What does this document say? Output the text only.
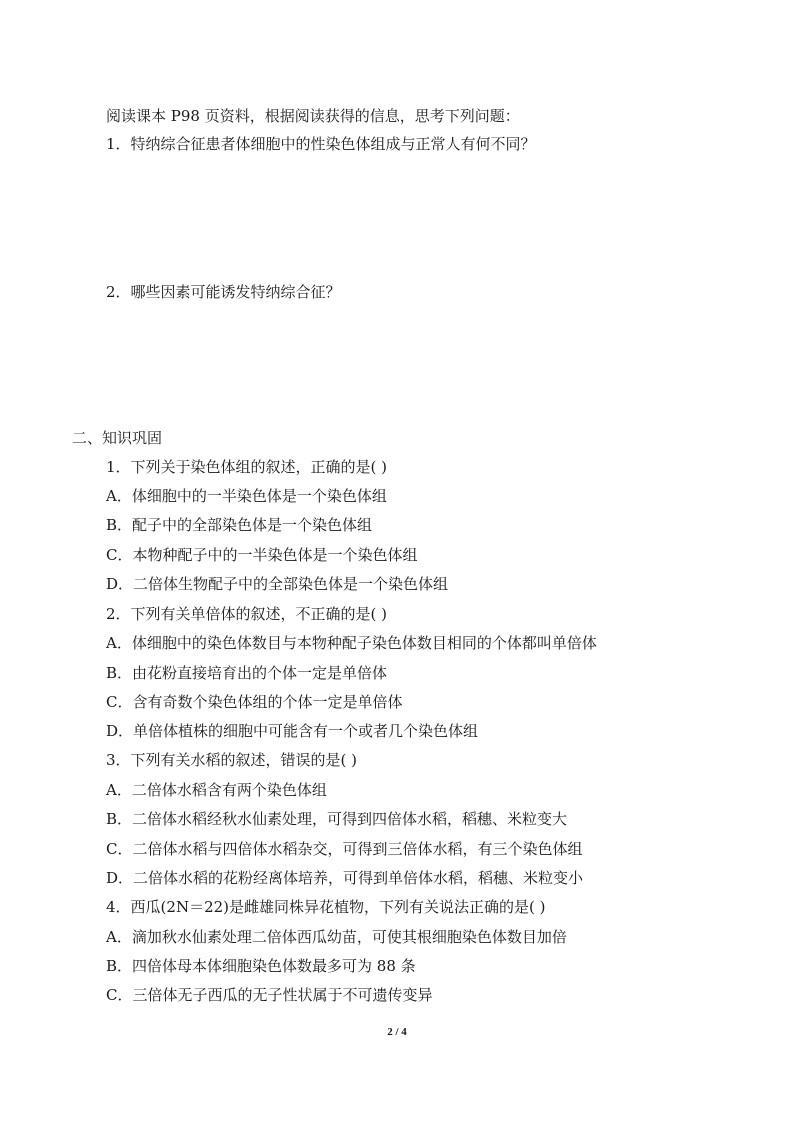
阅读课本 P98 页资料，根据阅读获得的信息，思考下列问题：
1．特纳综合征患者体细胞中的性染色体组成与正常人有何不同？
2．哪些因素可能诱发特纳综合征？
二、知识巩固
1．下列关于染色体组的叙述，正确的是( )
A．体细胞中的一半染色体是一个染色体组
B．配子中的全部染色体是一个染色体组
C．本物种配子中的一半染色体是一个染色体组
D．二倍体生物配子中的全部染色体是一个染色体组
2．下列有关单倍体的叙述，不正确的是( )
A．体细胞中的染色体数目与本物种配子染色体数目相同的个体都叫单倍体
B．由花粉直接培育出的个体一定是单倍体
C．含有奇数个染色体组的个体一定是单倍体
D．单倍体植株的细胞中可能含有一个或者几个染色体组
3．下列有关水稻的叙述，错误的是( )
A．二倍体水稻含有两个染色体组
B．二倍体水稻经秋水仙素处理，可得到四倍体水稻，稻穗、米粒变大
C．二倍体水稻与四倍体水稻杂交，可得到三倍体水稻，有三个染色体组
D．二倍体水稻的花粉经离体培养，可得到单倍体水稻，稻穗、米粒变小
4．西瓜(2N＝22)是雌雄同株异花植物，下列有关说法正确的是( )
A．滴加秋水仙素处理二倍体西瓜幼苗，可使其根细胞染色体数目加倍
B．四倍体母本体细胞染色体数最多可为 88 条
C．三倍体无子西瓜的无子性状属于不可遗传变异
2 / 4
